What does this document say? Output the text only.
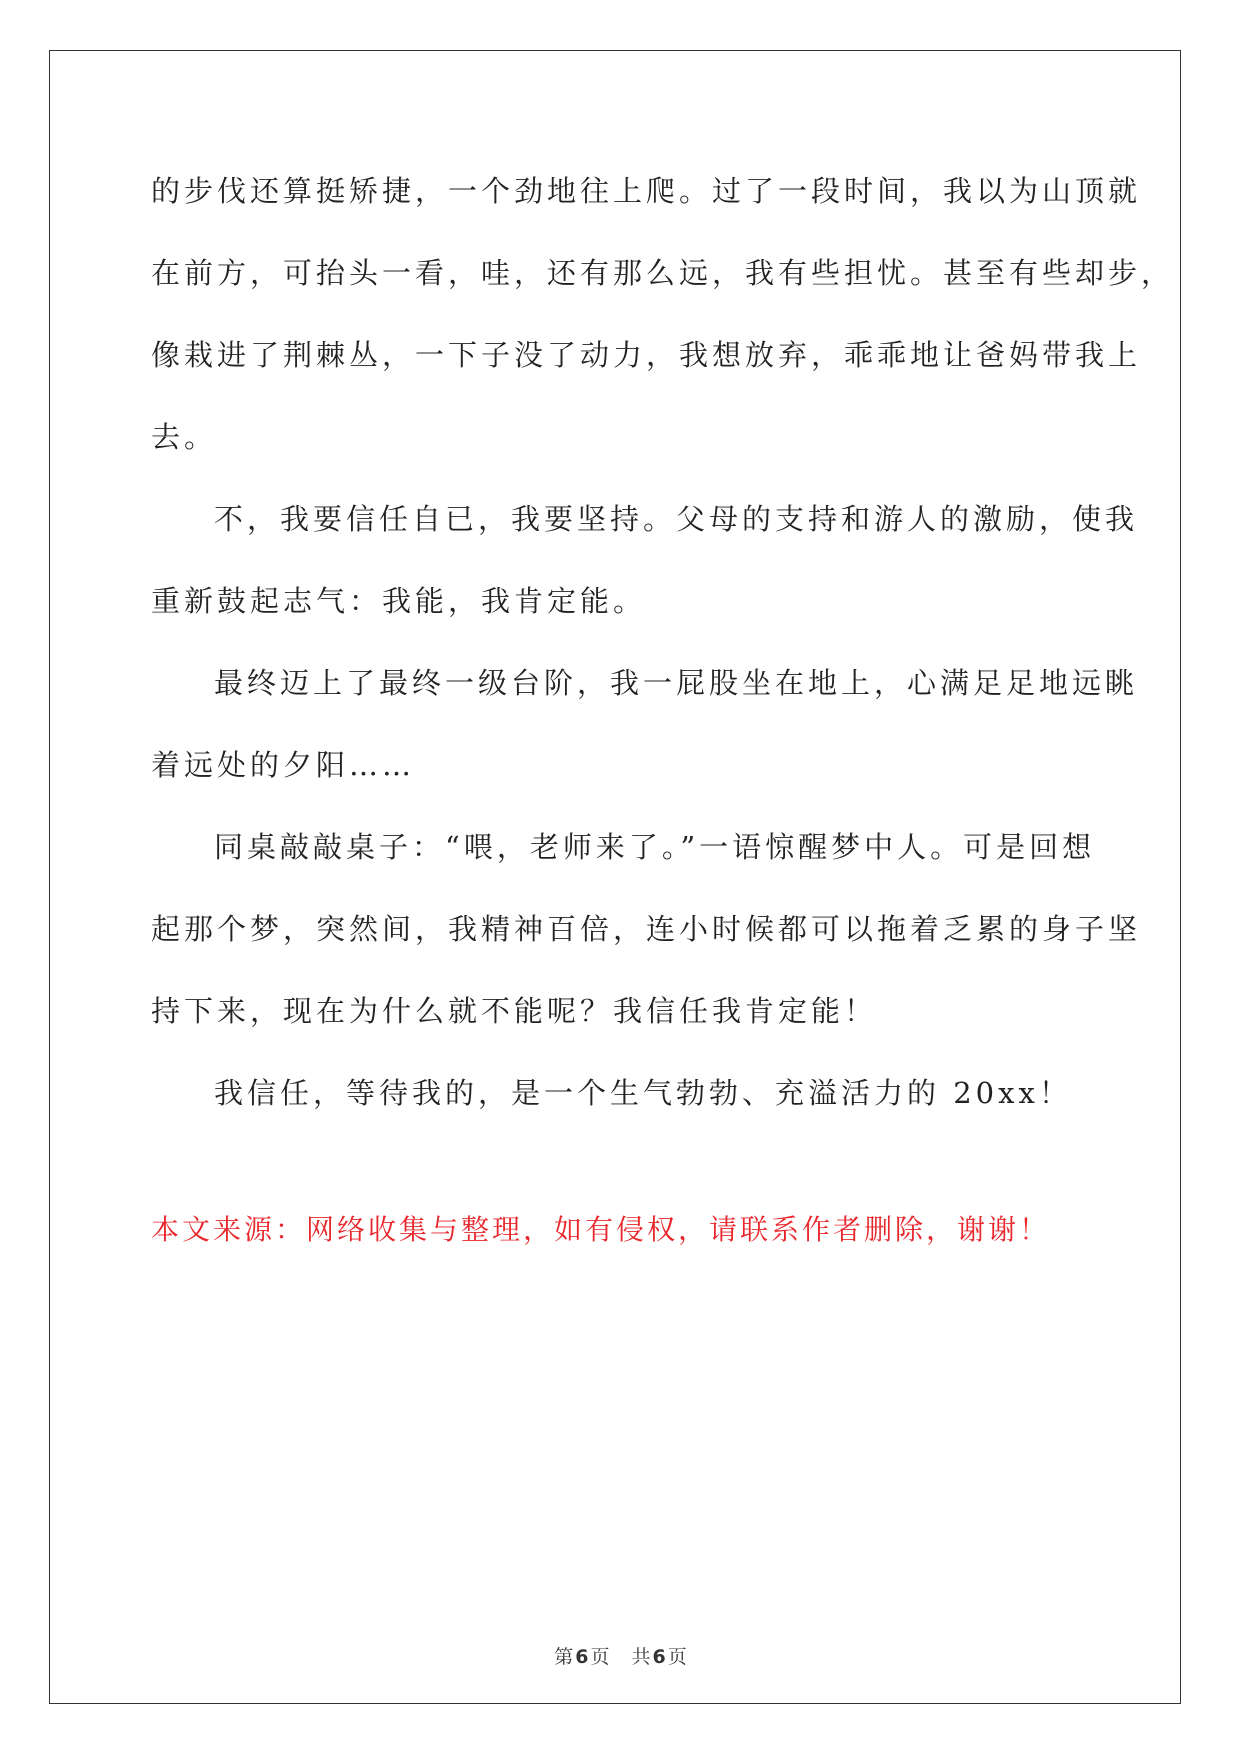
的步伐还算挺矫捷，一个劲地往上爬。过了一段时间，我以为山顶就

在前方，可抬头一看，哇，还有那么远，我有些担忧。甚至有些却步，

像栽进了荆棘丛，一下子没了动力，我想放弃，乖乖地让爸妈带我上

去。

不，我要信任自已，我要坚持。父母的支持和游人的激励，使我

重新鼓起志气：我能，我肯定能。

最终迈上了最终一级台阶，我一屁股坐在地上，心满足足地远眺

着远处的夕阳……

同桌敲敲桌子：“喂，老师来了。”一语惊醒梦中人。可是回想

起那个梦，突然间，我精神百倍，连小时候都可以拖着乏累的身子坚

持下来，现在为什么就不能呢？我信任我肯定能！

我信任，等待我的，是一个生气勃勃、充溢活力的 20xx！

本文来源：网络收集与整理，如有侵权，请联系作者删除，谢谢！
第 6 页 共 6 页
